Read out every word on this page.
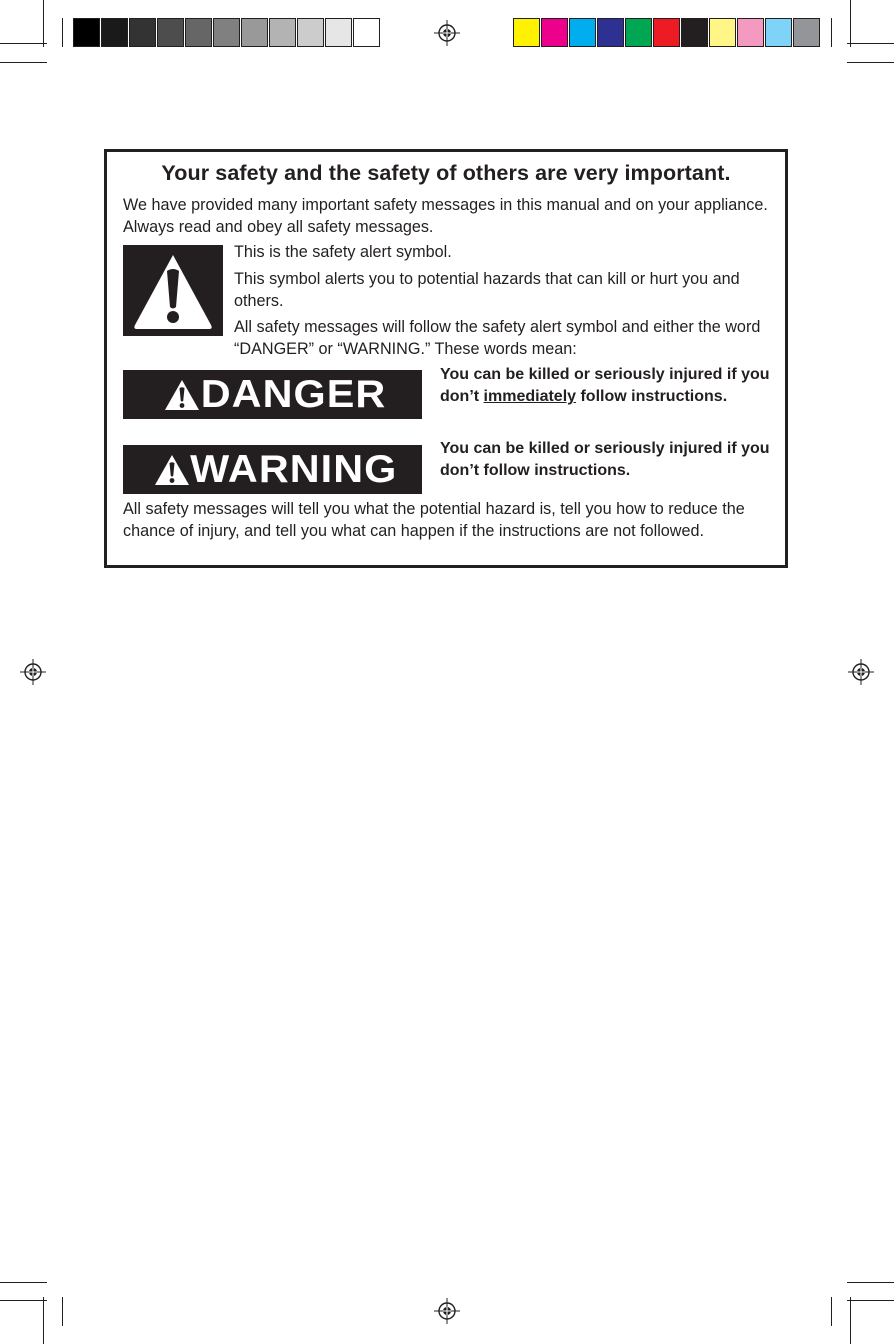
Your safety and the safety of others are very important.

We have provided many important safety messages in this manual and on your appliance. Always read and obey all safety messages.

This is the safety alert symbol.

This symbol alerts you to potential hazards that can kill or hurt you and others.

All safety messages will follow the safety alert symbol and either the word “DANGER” or “WARNING.” These words mean:

DANGER	You can be killed or seriously injured if you don’t immediately follow instructions.

WARNING	You can be killed or seriously injured if you don’t follow instructions.

All safety messages will tell you what the potential hazard is, tell you how to reduce the chance of injury, and tell you what can happen if the instructions are not followed.
